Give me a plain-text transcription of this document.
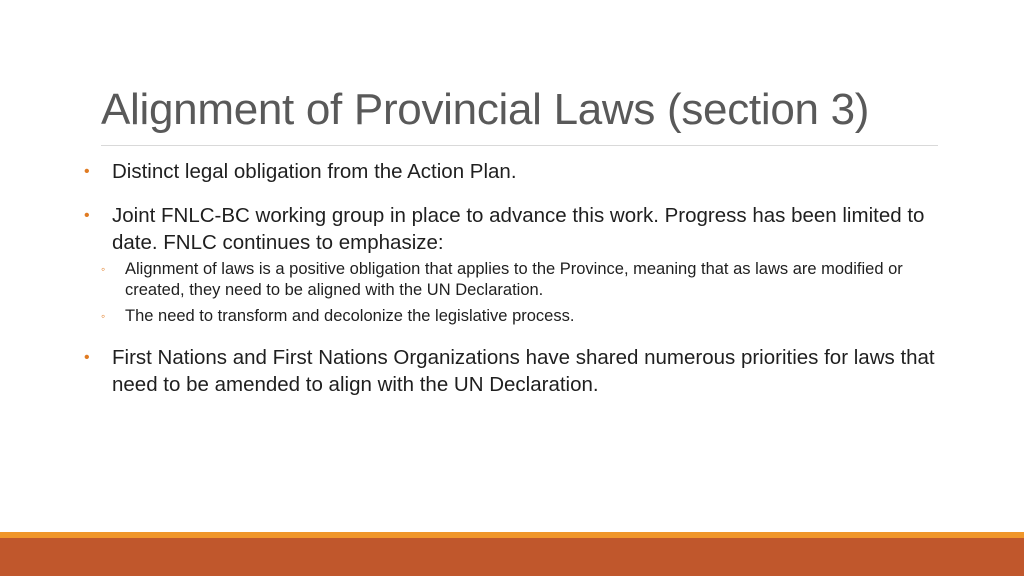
Alignment of Provincial Laws (section 3)
•	Distinct legal obligation from the Action Plan.
•	Joint FNLC-BC working group in place to advance this work. Progress has been limited to date. FNLC continues to emphasize:
◦ Alignment of laws is a positive obligation that applies to the Province, meaning that as laws are modified or created, they need to be aligned with the UN Declaration.
◦ The need to transform and decolonize the legislative process.
•	First Nations and First Nations Organizations have shared numerous priorities for laws that need to be amended to align with the UN Declaration.
